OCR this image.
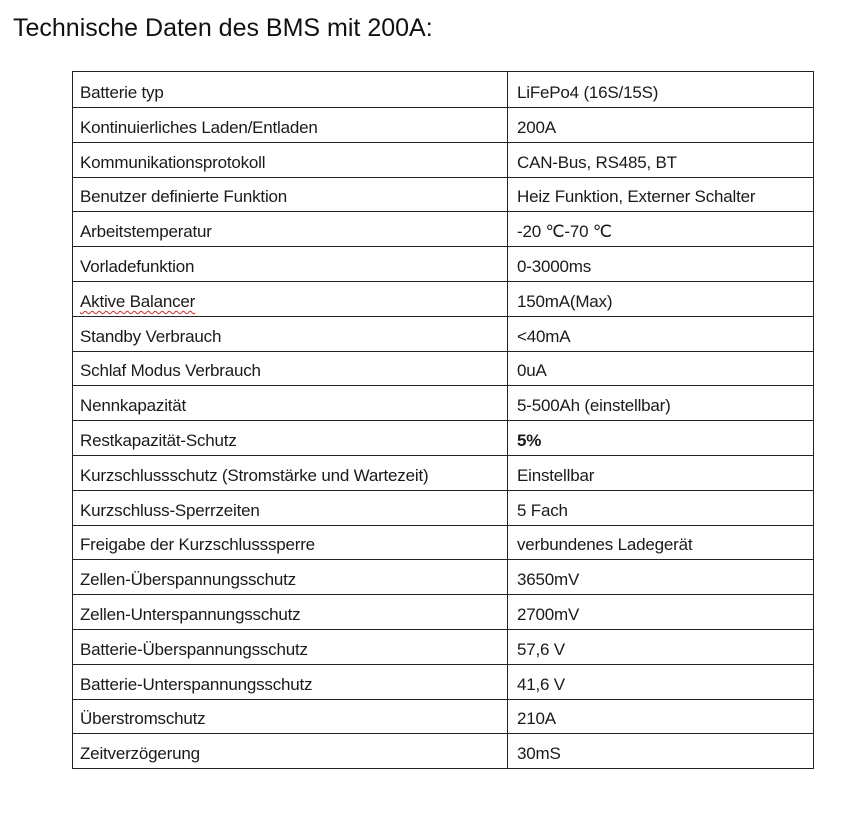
Technische Daten des BMS mit 200A:
Batterie typ	LiFePo4 (16S/15S)
Kontinuierliches Laden/Entladen	200A
Kommunikationsprotokoll	CAN-Bus, RS485, BT
Benutzer definierte Funktion	Heiz Funktion, Externer Schalter
Arbeitstemperatur	-20 ℃-70 ℃
Vorladefunktion	0-3000ms
Aktive Balancer	150mA(Max)
Standby Verbrauch	<40mA
Schlaf Modus Verbrauch	0uA
Nennkapazität	5-500Ah (einstellbar)
Restkapazität-Schutz	5%
Kurzschlussschutz (Stromstärke und Wartezeit)	Einstellbar
Kurzschluss-Sperrzeiten	5 Fach
Freigabe der Kurzschlusssperre	verbundenes Ladegerät
Zellen-Überspannungsschutz	3650mV
Zellen-Unterspannungsschutz	2700mV
Batterie-Überspannungsschutz	57,6 V
Batterie-Unterspannungsschutz	41,6 V
Überstromschutz	210A
Zeitverzögerung	30mS
